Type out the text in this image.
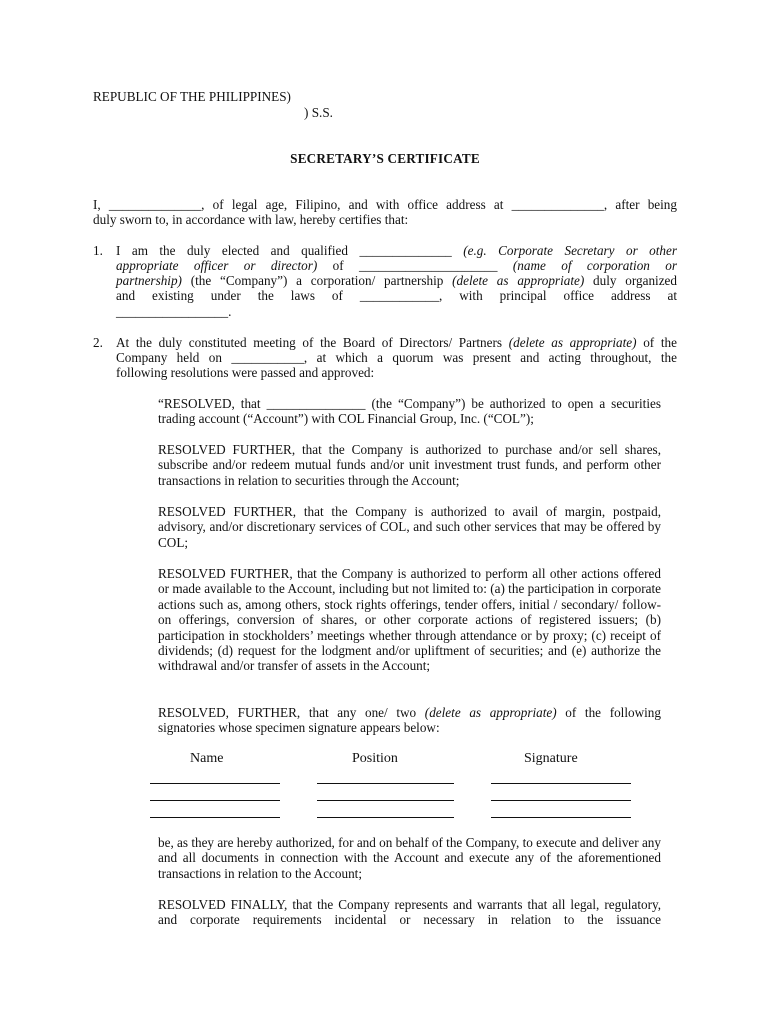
REPUBLIC OF THE PHILIPPINES)
) S.S.
SECRETARY’S CERTIFICATE
I, ______________, of legal age, Filipino, and with office address at ______________, after being
duly sworn to, in accordance with law, hereby certifies that:
1. I am the duly elected and qualified ______________ (e.g. Corporate Secretary or other
appropriate officer or director) of _____________________ (name of corporation or
partnership) (the “Company”) a corporation/ partnership (delete as appropriate) duly organized
and existing under the laws of ____________, with principal office address at
_________________.
2. At the duly constituted meeting of the Board of Directors/ Partners (delete as appropriate) of the
Company held on ___________, at which a quorum was present and acting throughout, the
following resolutions were passed and approved:
“RESOLVED, that _______________ (the “Company”) be authorized to open a securities trading account (“Account”) with COL Financial Group, Inc. (“COL”);
RESOLVED FURTHER, that the Company is authorized to purchase and/or sell shares, subscribe and/or redeem mutual funds and/or unit investment trust funds, and perform other transactions in relation to securities through the Account;
RESOLVED FURTHER, that the Company is authorized to avail of margin, postpaid, advisory, and/or discretionary services of COL, and such other services that may be offered by COL;
RESOLVED FURTHER, that the Company is authorized to perform all other actions offered or made available to the Account, including but not limited to: (a) the participation in corporate actions such as, among others, stock rights offerings, tender offers, initial / secondary/ follow-on offerings, conversion of shares, or other corporate actions of registered issuers; (b) participation in stockholders’ meetings whether through attendance or by proxy; (c) receipt of dividends; (d) request for the lodgment and/or upliftment of securities; and (e) authorize the withdrawal and/or transfer of assets in the Account;
RESOLVED, FURTHER, that any one/ two (delete as appropriate) of the following signatories whose specimen signature appears below:
Name	Position	Signature
be, as they are hereby authorized, for and on behalf of the Company, to execute and deliver any and all documents in connection with the Account and execute any of the aforementioned transactions in relation to the Account;
RESOLVED FINALLY, that the Company represents and warrants that all legal, regulatory, and corporate requirements incidental or necessary in relation to the issuance
